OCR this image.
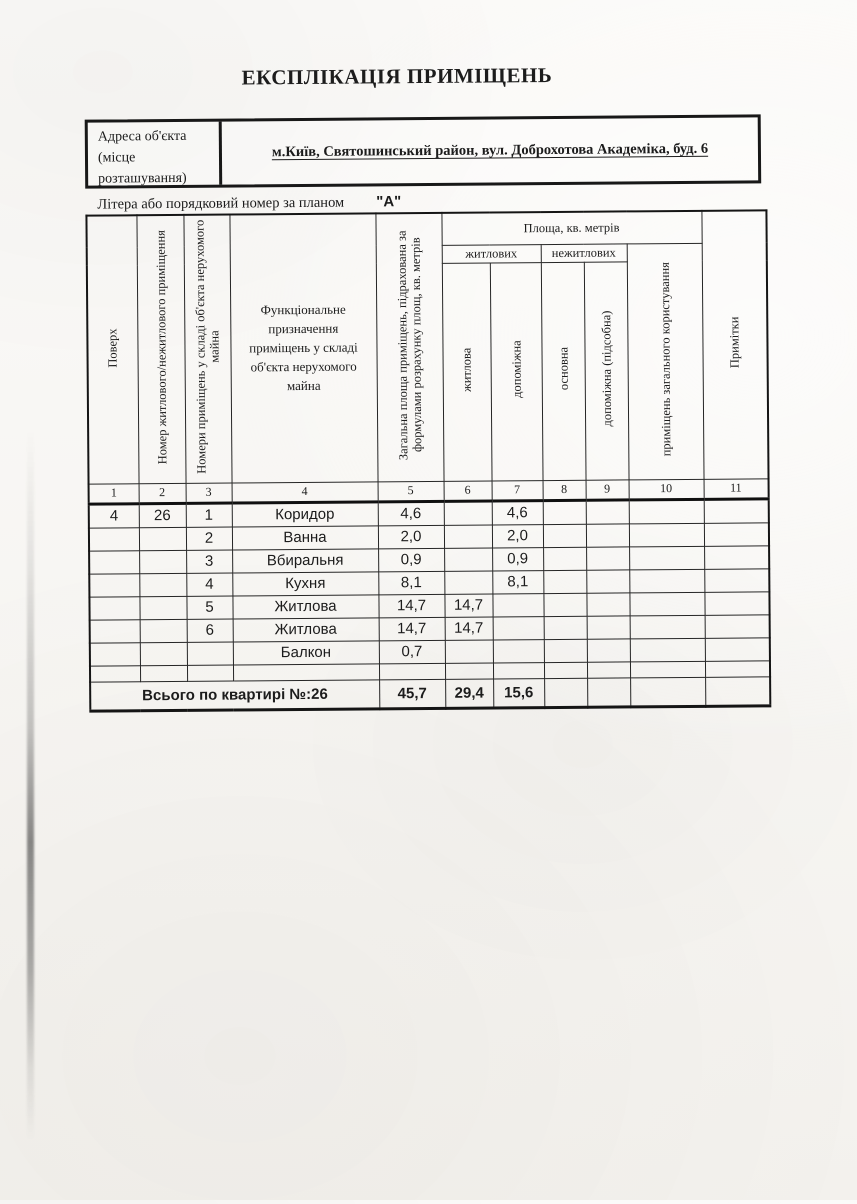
ЕКСПЛІКАЦІЯ ПРИМІЩЕНЬ
Адреса об'єкта (місце розташування)
м.Київ, Святошинський район, вул. Доброхотова Академіка, буд. 6
Літера або порядковий номер за планом "А"
Поверх	Номер житлового/нежитлового приміщення	Номери приміщень у складі об'єкта нерухомого майна	Функціональне призначення приміщень у складі об'єкта нерухомого майна	Загальна площа приміщень, підрахована за формулами розрахунку площ, кв. метрів	Площа, кв. метрів					Примітки
					житлових		нежитлових		приміщень загального користування	
					житлова	допоміжна	основна	допоміжна (підсобна)		
1	2	3	4	5	6	7	8	9	10	11
4	26	1	Коридор	4,6		4,6				
		2	Ванна	2,0		2,0				
		3	Вбиральня	0,9		0,9				
		4	Кухня	8,1		8,1				
		5	Житлова	14,7	14,7					
		6	Житлова	14,7	14,7					
			Балкон	0,7						

Всього по квартирі №:26				45,7	29,4	15,6				
